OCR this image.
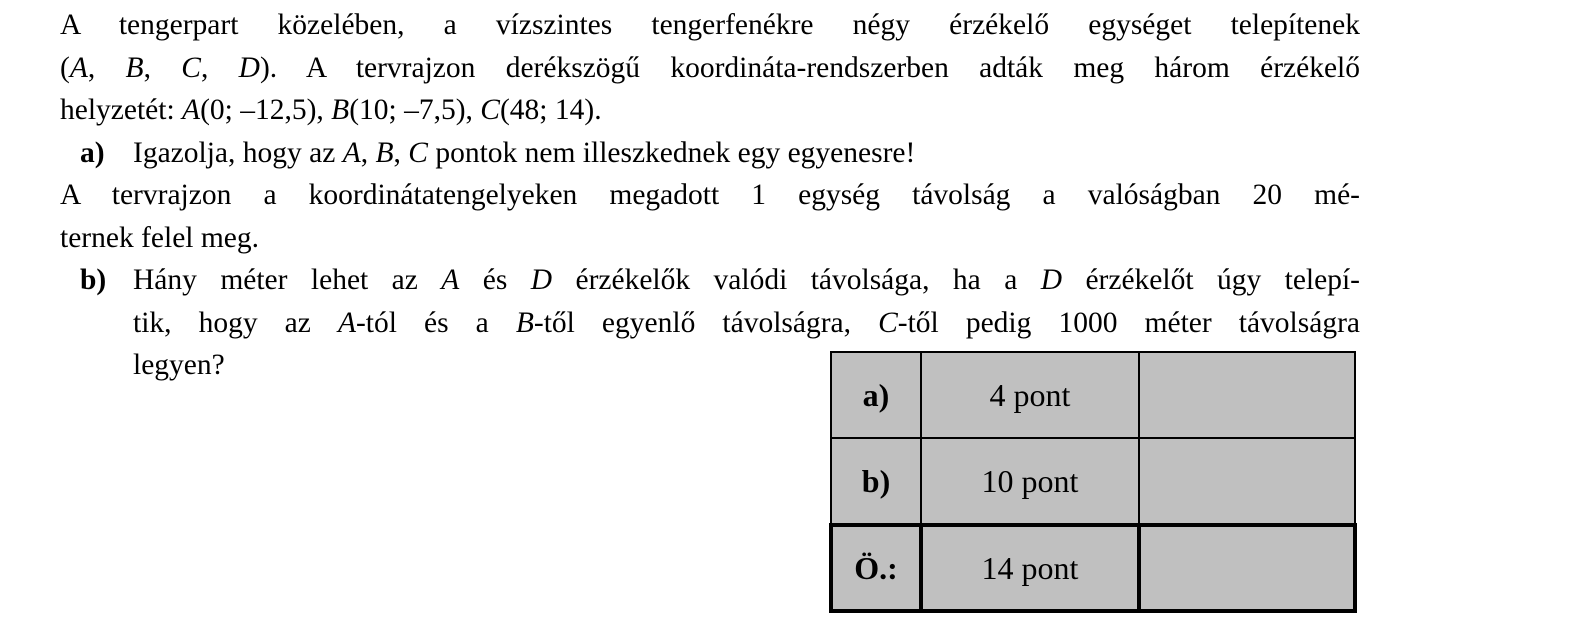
A tengerpart közelében, a vízszintes tengerfenékre négy érzékelő egységet telepítenek
(A, B, C, D). A tervrajzon derékszögű koordináta-rendszerben adták meg három érzékelő
helyzetét: A(0; –12,5), B(10; –7,5), C(48; 14).

a) Igazolja, hogy az A, B, C pontok nem illeszkednek egy egyenesre!

A tervrajzon a koordinátatengelyeken megadott 1 egység távolság a valóságban 20 mé-
ternek felel meg.

b) Hány méter lehet az A és D érzékelők valódi távolsága, ha a D érzékelőt úgy telepí-
tik, hogy az A-tól és a B-től egyenlő távolságra, C-től pedig 1000 méter távolságra
legyen?

a)	4 pont	
b)	10 pont	
Ö.:	14 pont	
